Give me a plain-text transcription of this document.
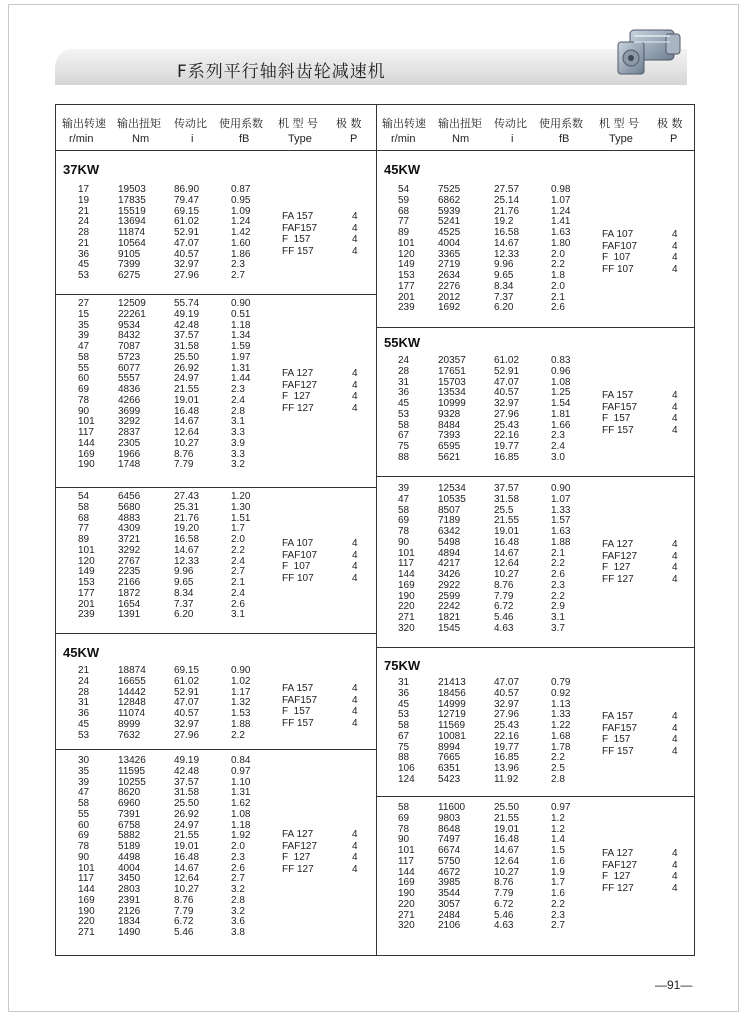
F系列平行轴斜齿轮减速机
输出转速 输出扭矩 传动比 使用系数 机 型 号 极 数
r/min	Nm	i	fB	Type	P
输出转速 输出扭矩 传动比 使用系数 机 型 号 极 数
r/min	Nm	i	fB	Type	P
37KW
17	19503	86.90	0.87
19	17835	79.47	0.95
21	15519	69.15	1.09
24	13694	61.02	1.24
28	11874	52.91	1.42
21	10564	47.07	1.60
36	9105	40.57	1.86
45	7399	32.97	2.3
53	6275	27.96	2.7
FA 157	4
FAF157	4
F  157	4
FF 157	4
27	12509	55.74	0.90
15	22261	49.19	0.51
35	9534	42.48	1.18
39	8432	37.57	1.34
47	7087	31.58	1.59
58	5723	25.50	1.97
55	6077	26.92	1.31
60	5557	24.97	1.44
69	4836	21.55	2.3
78	4266	19.01	2.4
90	3699	16.48	2.8
101 3292	14.67	3.1
117 2837	12.64	3.3
144 2305	10.27	3.9
169 1966	8.76	3.3
190 1748	7.79	3.2
FA 127	4
FAF127	4
F  127	4
FF 127	4
54	6456	27.43	1.20
58	5680	25.31	1.30
68	4883	21.76	1.51
77	4309	19.20	1.7
89	3721	16.58	2.0
101 3292	14.67	2.2
120 2767	12.33	2.4
149 2235	9.96	2.7
153 2166	9.65	2.1
177 1872	8.34	2.4
201 1654	7.37	2.6
239 1391	6.20	3.1
FA 107	4
FAF107	4
F  107	4
FF 107	4
45KW
21	18874	69.15	0.90
24	16655	61.02	1.02
28	14442	52.91	1.17
31	12848	47.07	1.32
36	11074	40.57	1.53
45	8999	32.97	1.88
53	7632	27.96	2.2
FA 157	4
FAF157	4
F  157	4
FF 157	4
30	13426	49.19	0.84
35	11595	42.48	0.97
39	10255	37.57	1.10
47	8620	31.58	1.31
58	6960	25.50	1.62
55	7391	26.92	1.08
60	6758	24.97	1.18
69	5882	21.55	1.92
78	5189	19.01	2.0
90	4498	16.48	2.3
101 4004	14.67	2.6
117 3450	12.64	2.7
144 2803	10.27	3.2
169 2391	8.76	2.8
190 2126	7.79	3.2
220 1834	6.72	3.6
271 1490	5.46	3.8
FA 127	4
FAF127	4
F  127	4
FF 127	4
45KW
54	7525	27.57	0.98
59	6862	25.14	1.07
68	5939	21.76	1.24
77	5241	19.2	1.41
89	4525	16.58	1.63
101 4004	14.67	1.80
120 3365	12.33	2.0
149 2719	9.96	2.2
153 2634	9.65	1.8
177 2276	8.34	2.0
201 2012	7.37	2.1
239 1692	6.20	2.6
FA 107	4
FAF107	4
F  107	4
FF 107	4
55KW
24	20357	61.02	0.83
28	17651	52.91	0.96
31	15703	47.07	1.08
36	13534	40.57	1.25
45	10999	32.97	1.54
53	9328	27.96	1.81
58	8484	25.43	1.66
67	7393	22.16	2.3
75	6595	19.77	2.4
88	5621	16.85	3.0
FA 157	4
FAF157	4
F  157	4
FF 157	4
39	12534	37.57	0.90
47	10535	31.58	1.07
58	8507	25.5	1.33
69	7189	21.55	1.57
78	6342	19.01	1.63
90	5498	16.48	1.88
101 4894	14.67	2.1
117 4217	12.64	2.2
144 3426	10.27	2.6
169 2922	8.76	2.3
190 2599	7.79	2.2
220 2242	6.72	2.9
271 1821	5.46	3.1
320 1545	4.63	3.7
FA 127	4
FAF127	4
F  127	4
FF 127	4
75KW
31	21413	47.07	0.79
36	18456	40.57	0.92
45	14999	32.97	1.13
53	12719	27.96	1.33
58	11569	25.43	1.22
67	10081	22.16	1.68
75	8994	19.77	1.78
88	7665	16.85	2.2
106 6351	13.96	2.5
124 5423	11.92	2.8
FA 157	4
FAF157	4
F  157	4
FF 157	4
58	11600	25.50	0.97
69	9803	21.55	1.2
78	8648	19.01	1.2
90	7497	16.48	1.4
101 6674	14.67	1.5
117 5750	12.64	1.6
144 4672	10.27	1.9
169 3985	8.76	1.7
190 3544	7.79	1.6
220 3057	6.72	2.2
271 2484	5.46	2.3
320 2106	4.63	2.7
FA 127	4
FAF127	4
F  127	4
FF 127	4
—91—
